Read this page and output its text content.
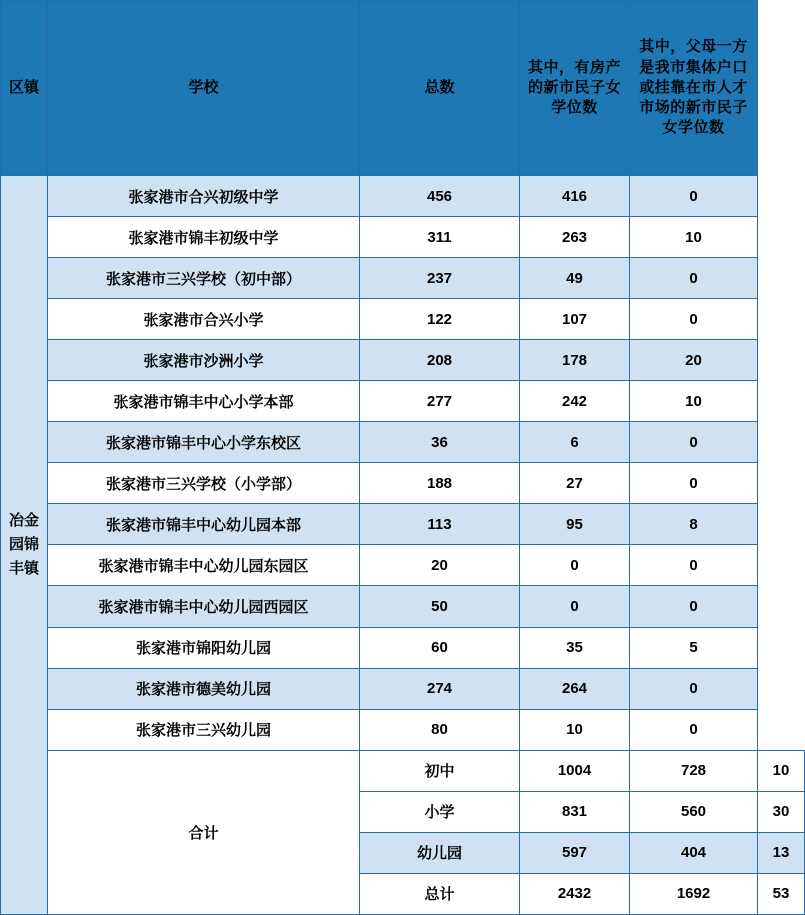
区镇	学校	总数	其中，有房产的新市民子女学位数	其中，父母一方是我市集体户口或挂靠在市人才市场的新市民子女学位数	
冶金园锦丰镇	张家港市合兴初级中学	456	416	0	
	张家港市锦丰初级中学	311	263	10	
	张家港市三兴学校（初中部）	237	49	0	
	张家港市合兴小学	122	107	0	
	张家港市沙洲小学	208	178	20	
	张家港市锦丰中心小学本部	277	242	10	
	张家港市锦丰中心小学东校区	36	6	0	
	张家港市三兴学校（小学部）	188	27	0	
	张家港市锦丰中心幼儿园本部	113	95	8	
	张家港市锦丰中心幼儿园东园区	20	0	0	
	张家港市锦丰中心幼儿园西园区	50	0	0	
	张家港市锦阳幼儿园	60	35	5	
	张家港市德美幼儿园	274	264	0	
	张家港市三兴幼儿园	80	10	0	
	合计	初中	1004	728	10
		小学	831	560	30
		幼儿园	597	404	13
		总计	2432	1692	53
